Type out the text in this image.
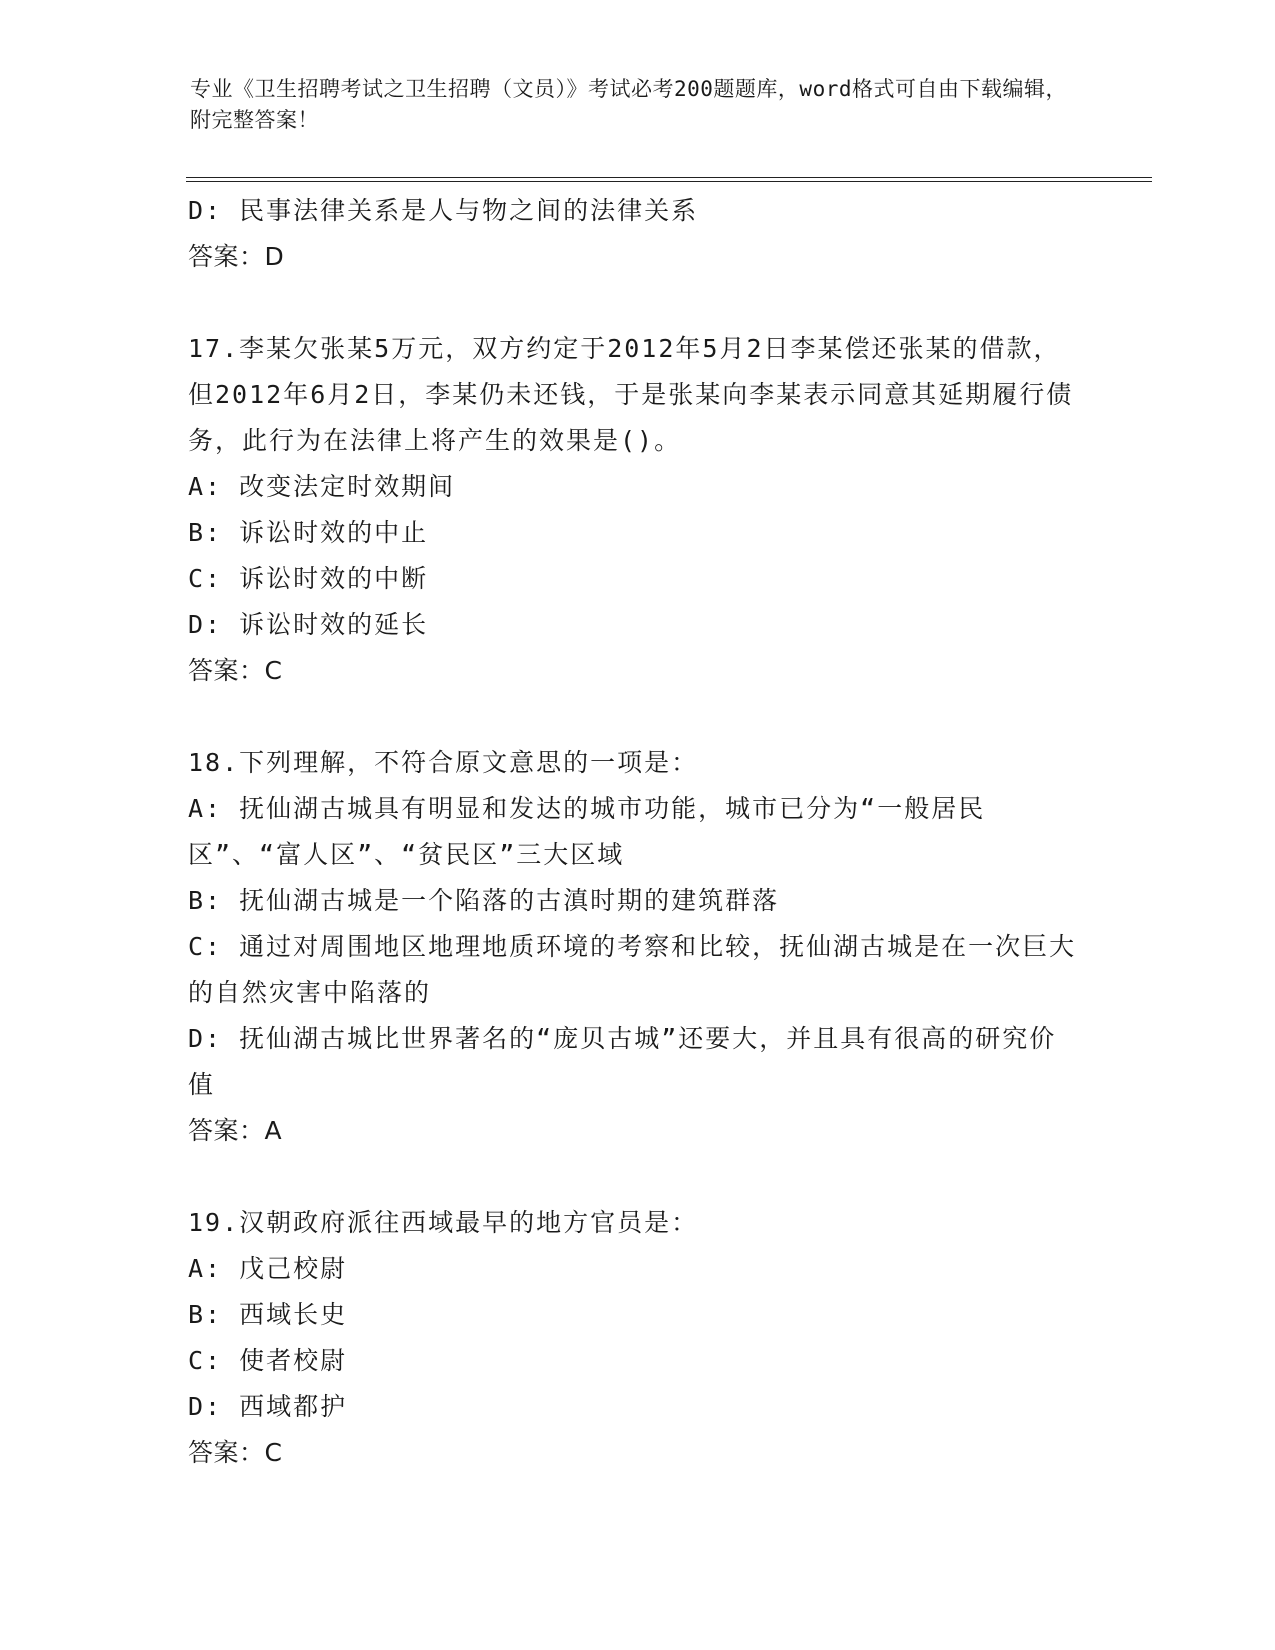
专业《卫生招聘考试之卫生招聘（文员）》考试必考200题题库，word格式可自由下载编辑，附完整答案！

D: 民事法律关系是人与物之间的法律关系

答案：D

17.李某欠张某5万元，双方约定于2012年5月2日李某偿还张某的借款，但2012年6月2日，李某仍未还钱，于是张某向李某表示同意其延期履行债务，此行为在法律上将产生的效果是()。

A: 改变法定时效期间

B: 诉讼时效的中止

C: 诉讼时效的中断

D: 诉讼时效的延长

答案：C

18.下列理解，不符合原文意思的一项是：

A: 抚仙湖古城具有明显和发达的城市功能，城市已分为“一般居民区”、“富人区”、“贫民区”三大区域

B: 抚仙湖古城是一个陷落的古滇时期的建筑群落

C: 通过对周围地区地理地质环境的考察和比较，抚仙湖古城是在一次巨大的自然灾害中陷落的

D: 抚仙湖古城比世界著名的“庞贝古城”还要大，并且具有很高的研究价值

答案：A

19.汉朝政府派往西域最早的地方官员是：

A: 戊己校尉

B: 西域长史

C: 使者校尉

D: 西域都护

答案：C
